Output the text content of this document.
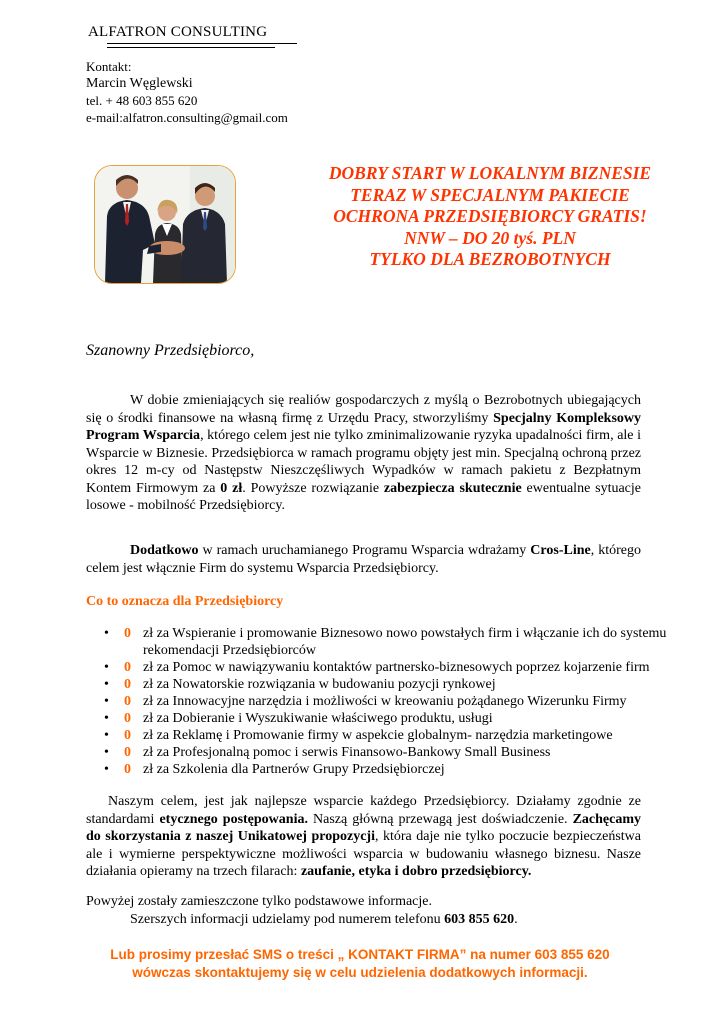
ALFATRON CONSULTING
Kontakt:
Marcin Węglewski
tel. + 48 603 855 620
e-mail:alfatron.consulting@gmail.com
DOBRY START W LOKALNYM BIZNESIE
TERAZ W SPECJALNYM PAKIECIE
OCHRONA PRZEDSIĘBIORCY GRATIS!
NNW – DO 20 tyś. PLN
TYLKO DLA BEZROBOTNYCH
Szanowny Przedsiębiorco,
W dobie zmieniających się realiów gospodarczych z myślą o Bezrobotnych ubiegających się o środki finansowe na własną firmę z Urzędu Pracy, stworzyliśmy Specjalny Kompleksowy Program Wsparcia, którego celem jest nie tylko zminimalizowanie ryzyka upadalności firm, ale i Wsparcie w Biznesie. Przedsiębiorca w ramach programu objęty jest min. Specjalną ochroną przez okres 12 m-cy od Następstw Nieszczęśliwych Wypadków w ramach pakietu z Bezpłatnym Kontem Firmowym za 0 zł. Powyższe rozwiązanie zabezpiecza skutecznie ewentualne sytuacje losowe - mobilność Przedsiębiorcy.
Dodatkowo w ramach uruchamianego Programu Wsparcia wdrażamy Cros-Line, którego celem jest włącznie Firm do systemu Wsparcia Przedsiębiorcy.
Co to oznacza dla Przedsiębiorcy
•	0 zł za Wspieranie i promowanie Biznesowo nowo powstałych firm i włączanie ich do systemu rekomendacji Przedsiębiorców
•	0 zł za Pomoc w nawiązywaniu kontaktów partnersko-biznesowych poprzez kojarzenie firm
•	0 zł za Nowatorskie rozwiązania w budowaniu pozycji rynkowej
•	0 zł za Innowacyjne narzędzia i możliwości w kreowaniu pożądanego Wizerunku Firmy
•	0 zł za Dobieranie i Wyszukiwanie właściwego produktu, usługi
•	0 zł za Reklamę i Promowanie firmy w aspekcie globalnym- narzędzia marketingowe
•	0 zł za Profesjonalną pomoc i serwis Finansowo-Bankowy Small Business
•	0 zł za Szkolenia dla Partnerów Grupy Przedsiębiorczej
Naszym celem, jest jak najlepsze wsparcie każdego Przedsiębiorcy. Działamy zgodnie ze standardami etycznego postępowania. Naszą główną przewagą jest doświadczenie. Zachęcamy do skorzystania z naszej Unikatowej propozycji, która daje nie tylko poczucie bezpieczeństwa ale i wymierne perspektywiczne możliwości wsparcia w budowaniu własnego biznesu. Nasze działania opieramy na trzech filarach: zaufanie, etyka i dobro przedsiębiorcy.
Powyżej zostały zamieszczone tylko podstawowe informacje.
Szerszych informacji udzielamy pod numerem telefonu 603 855 620.
Lub prosimy przesłać SMS o treści „ KONTAKT FIRMA” na numer 603 855 620
wówczas skontaktujemy się w celu udzielenia dodatkowych informacji.
